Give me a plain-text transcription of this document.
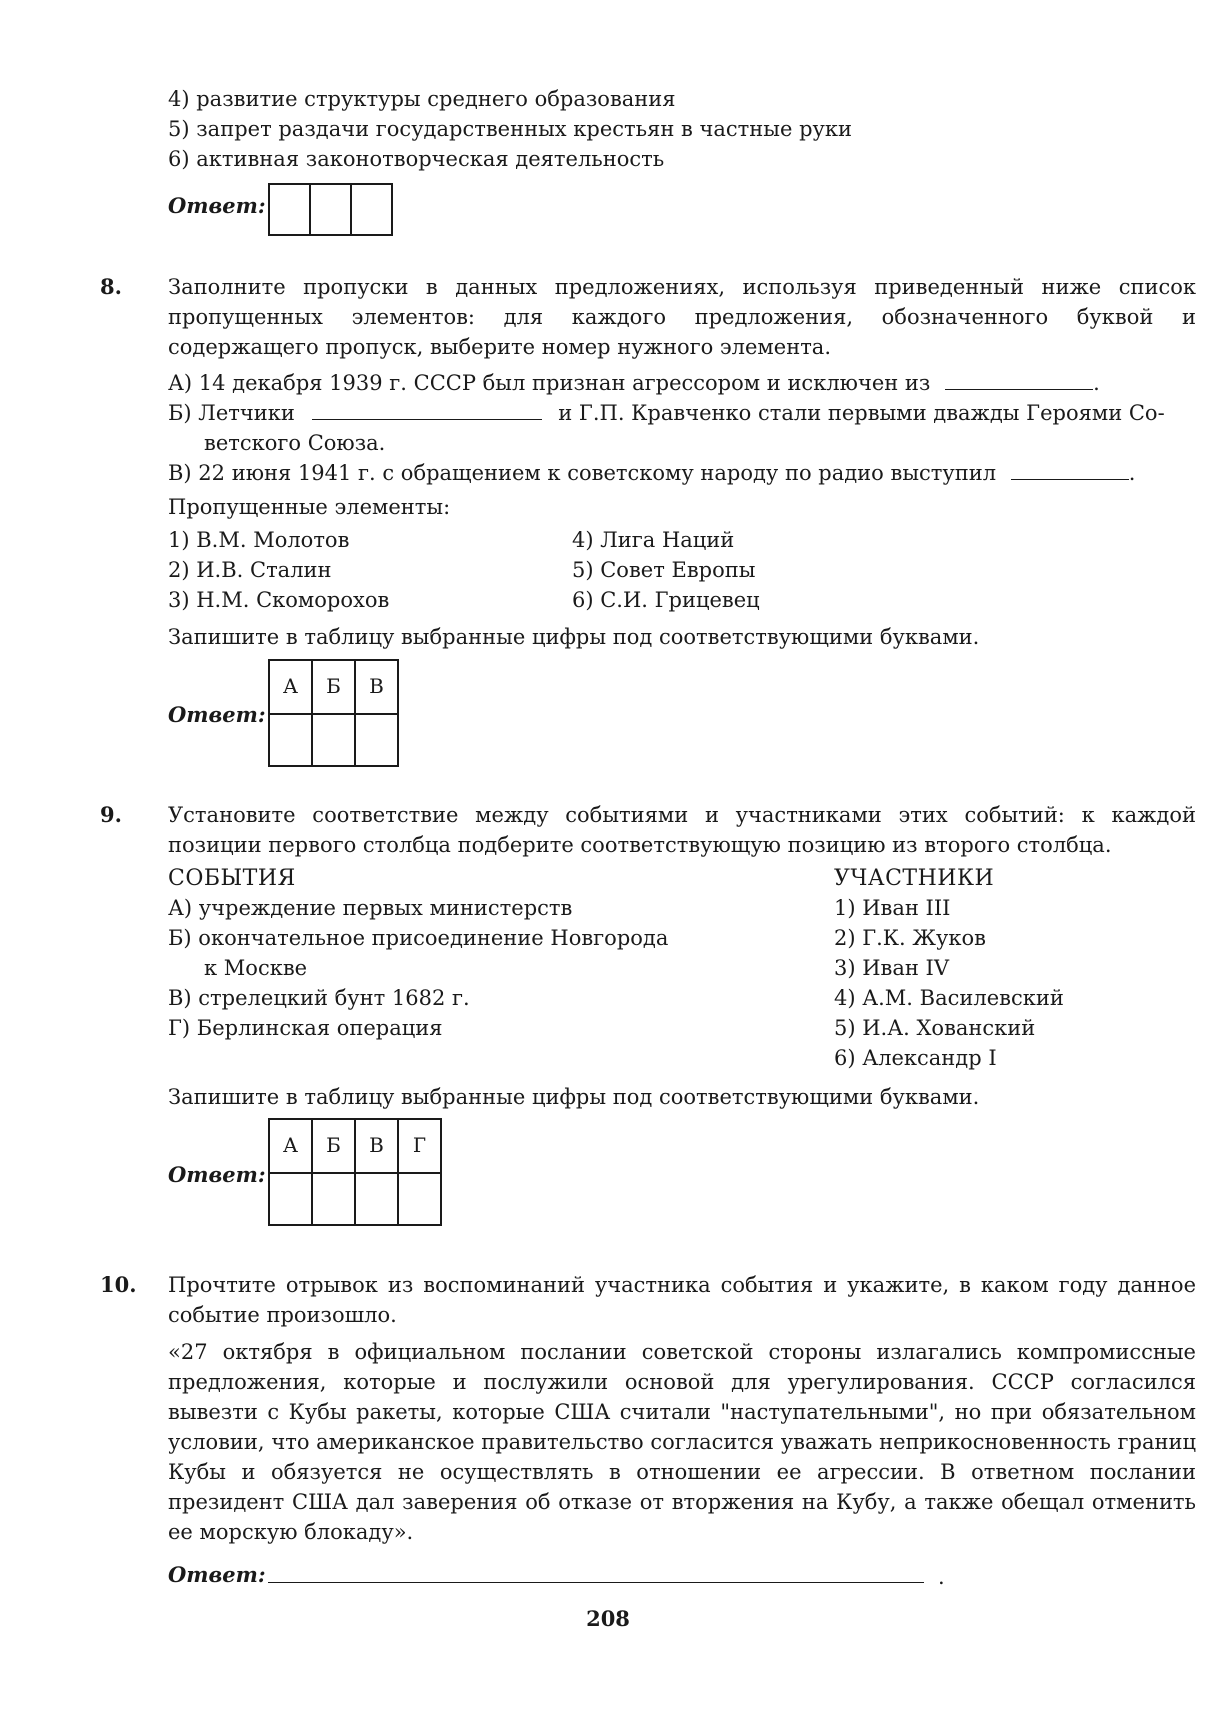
4) развитие структуры среднего образования
5) запрет раздачи государственных крестьян в частные руки
6) активная законотворческая деятельность
Ответ:
8. Заполните пропуски в данных предложениях, используя приведенный ниже список пропущенных элементов: для каждого предложения, обозначенного буквой и содержащего пропуск, выберите номер нужного элемента.
А) 14 декабря 1939 г. СССР был признан агрессором и исключен из	.
Б) Летчики	и Г.П. Кравченко стали первыми дважды Героями Со-
ветского Союза.
В) 22 июня 1941 г. с обращением к советскому народу по радио выступил	.
Пропущенные элементы:
1) В.М. Молотов
2) И.В. Сталин
3) Н.М. Скоморохов
4) Лига Наций
5) Совет Европы
6) С.И. Грицевец
Запишите в таблицу выбранные цифры под соответствующими буквами.
Ответ:
А	Б	В
9. Установите соответствие между событиями и участниками этих событий: к каждой позиции первого столбца подберите соответствующую позицию из второго столбца.
СОБЫТИЯ
А) учреждение первых министерств
Б) окончательное присоединение Новгорода
к Москве
В) стрелецкий бунт 1682 г.
Г) Берлинская операция
УЧАСТНИКИ
1) Иван III
2) Г.К. Жуков
3) Иван IV
4) А.М. Василевский
5) И.А. Хованский
6) Александр I
Запишите в таблицу выбранные цифры под соответствующими буквами.
Ответ:
А	Б	В	Г
10. Прочтите отрывок из воспоминаний участника события и укажите, в каком году данное событие произошло.
«27 октября в официальном послании советской стороны излагались компромиссные предложения, которые и послужили основой для урегулирования. СССР согласился вывезти с Кубы ракеты, которые США считали "наступательными", но при обязательном условии, что американское правительство согласится уважать неприкосновенность границ Кубы и обязуется не осуществлять в отношении ее агрессии. В ответном послании президент США дал заверения об отказе от вторжения на Кубу, а также обещал отменить ее морскую блокаду».
Ответ:	.
208
